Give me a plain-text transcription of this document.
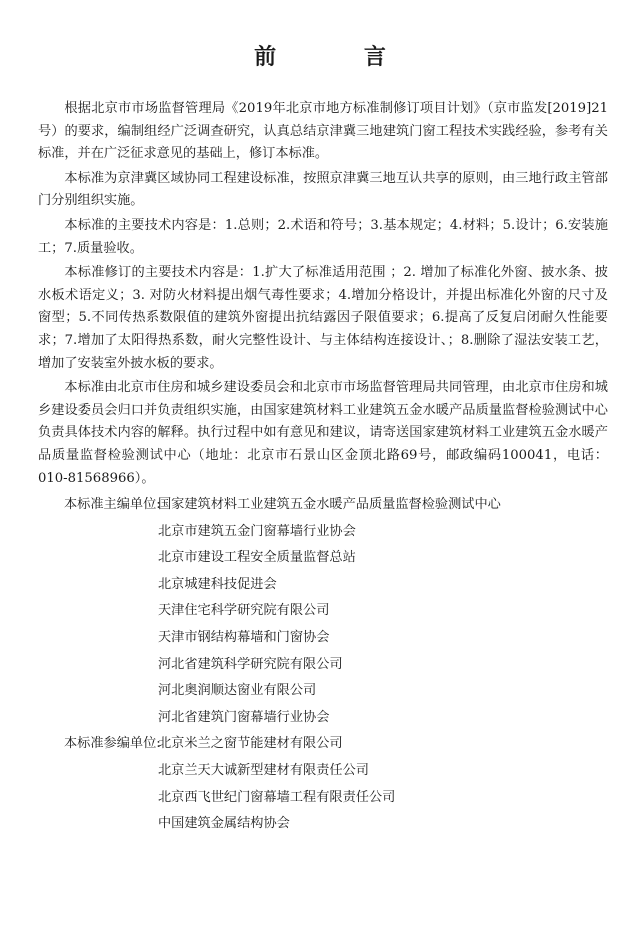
前 言

根据北京市市场监督管理局《2019年北京市地方标准制修订项目计划》（京市监发[2019]21号）的要求，编制组经广泛调查研究，认真总结京津冀三地建筑门窗工程技术实践经验，参考有关标准，并在广泛征求意见的基础上，修订本标准。

本标准为京津冀区域协同工程建设标准，按照京津冀三地互认共享的原则，由三地行政主管部门分别组织实施。

本标准的主要技术内容是：1.总则；2.术语和符号；3.基本规定；4.材料；5.设计；6.安装施工；7.质量验收。

本标准修订的主要技术内容是：1.扩大了标准适用范围 ；2. 增加了标准化外窗、披水条、披水板术语定义；3. 对防火材料提出烟气毒性要求；4.增加分格设计，并提出标准化外窗的尺寸及窗型；5.不同传热系数限值的建筑外窗提出抗结露因子限值要求；6.提高了反复启闭耐久性能要求；7.增加了太阳得热系数，耐火完整性设计、与主体结构连接设计、；8.删除了湿法安装工艺，增加了安装室外披水板的要求。

本标准由北京市住房和城乡建设委员会和北京市市场监督管理局共同管理，由北京市住房和城乡建设委员会归口并负责组织实施，由国家建筑材料工业建筑五金水暖产品质量监督检验测试中心负责具体技术内容的解释。执行过程中如有意见和建议，请寄送国家建筑材料工业建筑五金水暖产品质量监督检验测试中心（地址：北京市石景山区金顶北路69号，邮政编码100041，电话：010-81568966）。

本标准主编单位:
国家建筑材料工业建筑五金水暖产品质量监督检验测试中心
北京市建筑五金门窗幕墙行业协会
北京市建设工程安全质量监督总站
北京城建科技促进会
天津住宅科学研究院有限公司
天津市钢结构幕墙和门窗协会
河北省建筑科学研究院有限公司
河北奥润顺达窗业有限公司
河北省建筑门窗幕墙行业协会
本标准参编单位:
北京米兰之窗节能建材有限公司
北京兰天大诚新型建材有限责任公司
北京西飞世纪门窗幕墙工程有限责任公司
中国建筑金属结构协会
